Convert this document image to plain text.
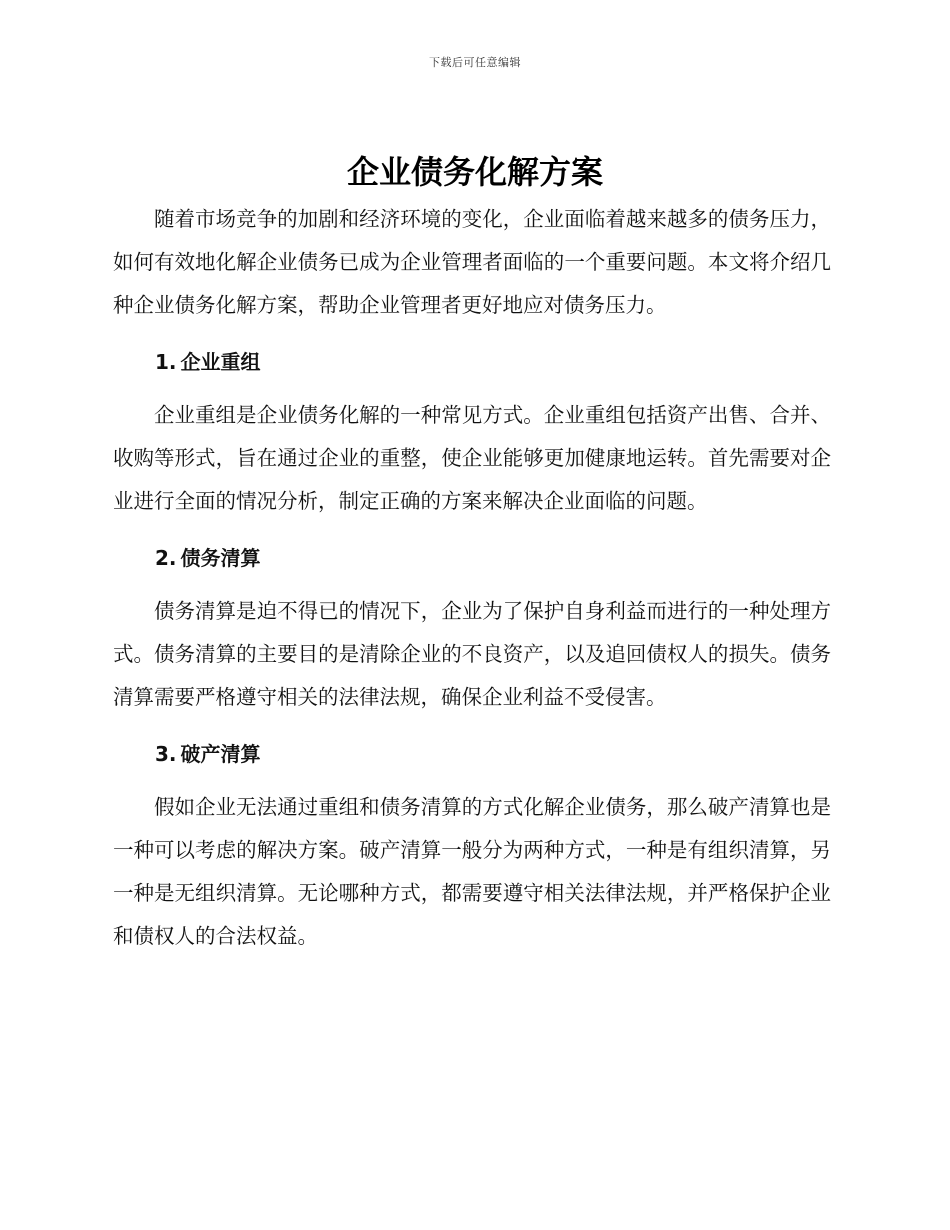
下载后可任意编辑
企业债务化解方案

随着市场竞争的加剧和经济环境的变化，企业面临着越来越多的债务压力，如何有效地化解企业债务已成为企业管理者面临的一个重要问题。本文将介绍几种企业债务化解方案，帮助企业管理者更好地应对债务压力。

1. 企业重组

企业重组是企业债务化解的一种常见方式。企业重组包括资产出售、合并、收购等形式，旨在通过企业的重整，使企业能够更加健康地运转。首先需要对企业进行全面的情况分析，制定正确的方案来解决企业面临的问题。

2. 债务清算

债务清算是迫不得已的情况下，企业为了保护自身利益而进行的一种处理方式。债务清算的主要目的是清除企业的不良资产，以及追回债权人的损失。债务清算需要严格遵守相关的法律法规，确保企业利益不受侵害。

3. 破产清算

假如企业无法通过重组和债务清算的方式化解企业债务，那么破产清算也是一种可以考虑的解决方案。破产清算一般分为两种方式，一种是有组织清算，另一种是无组织清算。无论哪种方式，都需要遵守相关法律法规，并严格保护企业和债权人的合法权益。
